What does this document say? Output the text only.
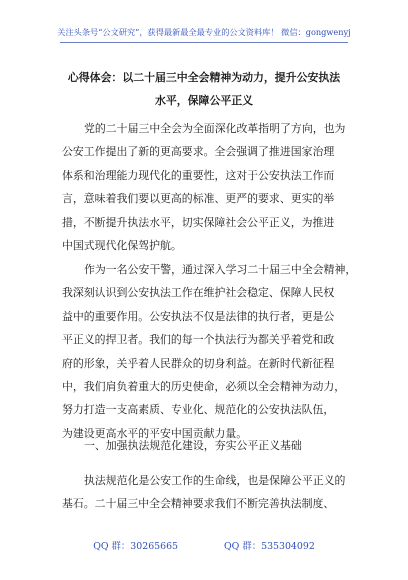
关注头条号“公文研究”，获得最新最全最专业的公文资料库！ 微信：gongwenyj
心得体会：以二十届三中全会精神为动力，提升公安执法
水平，保障公平正义
党的二十届三中全会为全面深化改革指明了方向，也为
公安工作提出了新的更高要求。全会强调了推进国家治理
体系和治理能力现代化的重要性，这对于公安执法工作而
言，意味着我们要以更高的标准、更严的要求、更实的举
措，不断提升执法水平，切实保障社会公平正义，为推进
中国式现代化保驾护航。
作为一名公安干警，通过深入学习二十届三中全会精神，
我深刻认识到公安执法工作在维护社会稳定、保障人民权
益中的重要作用。公安执法不仅是法律的执行者，更是公
平正义的捍卫者。我们的每一个执法行为都关乎着党和政
府的形象，关乎着人民群众的切身利益。在新时代新征程
中，我们肩负着重大的历史使命，必须以全会精神为动力，
努力打造一支高素质、专业化、规范化的公安执法队伍，
为建设更高水平的平安中国贡献力量。
一、加强执法规范化建设，夯实公平正义基础
执法规范化是公安工作的生命线，也是保障公平正义的
基石。二十届三中全会精神要求我们不断完善执法制度、
QQ 群：30265665	QQ 群：535304092
